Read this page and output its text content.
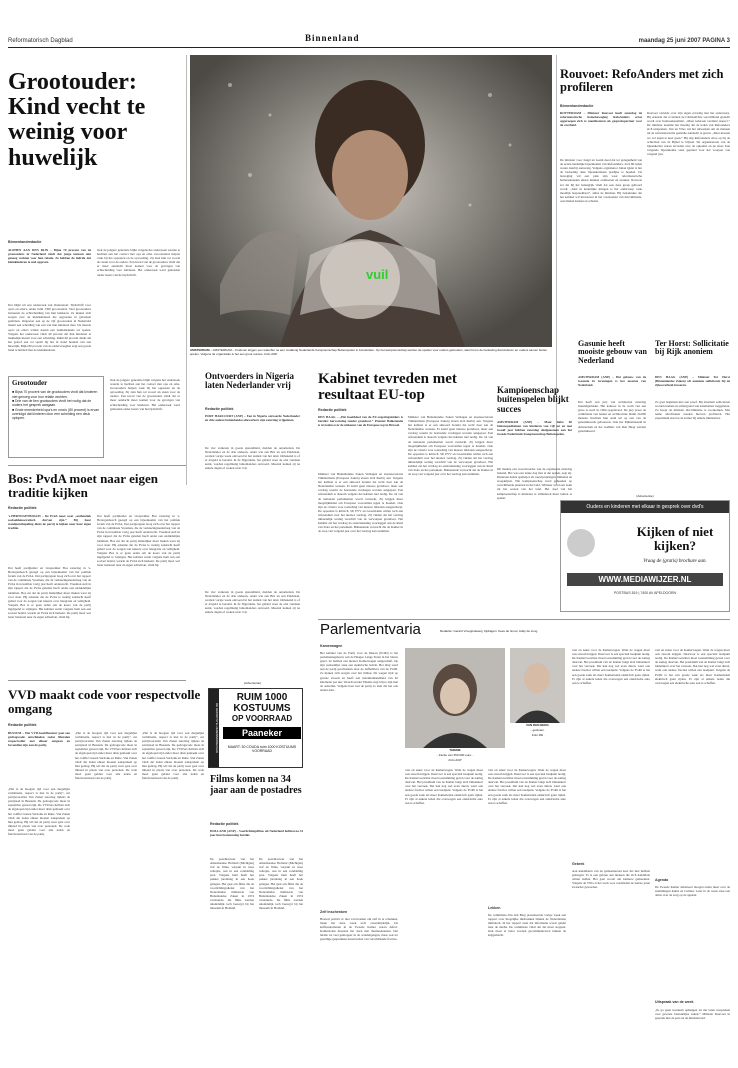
Reformatorisch Dagblad	Binnenland	maandag 25 juni 2007 PAGINA 3
Grootouder: Kind vecht te weinig voor huwelijk
Binnenlandredactie
ALPHEN AAN DEN RIJN – Bijna 70 procent van de grootouders in Nederland vindt dat jonge mensen niet genoeg vechten voor hun relatie. Ze hebben de indruk dat kleinkinderen te snel opgeven.
Dat blijkt uit een onderzoek van Ouderen.nl. Tijdschrift voor opa's en oma's, onder ruim 1300 grootouders. Veel grootouders betreuren de echtscheiding van hun kinderen. Ze maken zich zorgen over de kleinkinderen die opgroeien in gebroken gezinnen. Ongeveer een op de vijf grootouders in Nederland maakt een scheiding van een van hun kinderen mee. De meeste opa's en oma's willen daarin een bemiddelende rol spelen. Volgens het onderzoek vindt 40 procent dat hun kinderen te makkelijk kiezen voor een scheiding. Ruim 60 procent denkt dat het geloof een rol speelt bij het in stand houden van een huwelijk. Bijna 80 procent van de ondervraagden zegt een goede band te hebben met de kleinkinderen.
Ook de jongere generatie blijkt volgens het onderzoek waarde te hechten aan het contact met opa en oma. Grootouders helpen vaak bij het oppassen en de opvoeding. Zij zien hun rol vooral als steun voor de ouders. Een kwart van de grootouders vindt dat er meer aandacht moet komen voor de gevolgen van echtscheiding voor kinderen. Het onderzoek werd gehouden onder lezers van het tijdschrift.
Grootouder
■ Bijna 70 procent van de grootouders vindt dat kinderen niet genoeg voor hun relatie vechten.
■ Drie van de tien grootouders vindt het nodig dat de ouders het gesprek aangaan.
■ Grote meerderheid opa's en oma's (80 procent) is ervan overtuigd dat kinderen door een scheiding een deuk oplopen.
Ook de jongere generatie blijkt volgens het onderzoek waarde te hechten aan het contact met opa en oma. Grootouders helpen vaak bij het oppassen en de opvoeding. Zij zien hun rol vooral als steun voor de ouders. Een kwart van de grootouders vindt dat er meer aandacht moet komen voor de gevolgen van echtscheiding voor kinderen. Het onderzoek werd gehouden onder lezers van het tijdschrift.
vuil
AMSTERDAM – AMSTERDAM – Kinderen krijgen een waterbui na een modderig Nederlands Kampioenschap Buitenspelen in Amsterdam. Op het kampioenschap werden de spellen voor ouders gehouden, want het is de bedoeling dat kinderen en ouders samen buiten spelen. Volgens de organisatie is het een groot succes. Foto ANP
Ontvoerders in Nigeria laten Nederlander vrij
Redactie politiek
PORT HARCOURT (ANP) – Een in Nigeria ontvoerde Nederlander en drie andere buitenlandse oliewerkers zijn zaterdag vrijgelaten.
De vier verkeren in goede gezondheid, melden de autoriteiten. De Nederlander en de drie anderen, onder wie een Brit en een Pakistaan, werden vorige week ontvoerd in het zuiden van het land. Onbekend is of er losgeld is betaald. In de Nigerdelta, het gebied waar de olie vandaan komt, worden regelmatig buitenlanders ontvoerd. Meestal komen zij na enkele dagen of weken weer vrij.
De vier verkeren in goede gezondheid, melden de autoriteiten. De Nederlander en de drie anderen, onder wie een Brit en een Pakistaan, werden vorige week ontvoerd in het zuiden van het land. Onbekend is of er losgeld is betaald. In de Nigerdelta, het gebied waar de olie vandaan komt, worden regelmatig buitenlanders ontvoerd. Meestal komen zij na enkele dagen of weken weer vrij.
Kabinet tevreden met resultaat EU-top
Redactie politiek
DEN HAAG – „Het hoofddoel van de EU-regeringsleiders is bereikt: hervorming zonder grondwet.” Premier Balkenende is tevreden over de uitkomst van de Europese top in Brussel.
Minister van Buitenlandse Zaken Verhagen en staatssecretaris Timmermans (Europese Zaken) sloten zich hierbij aan. Volgens het kabinet is er een akkoord bereikt dat recht doet aan de Nederlandse wensen. Er komt geen nieuwe grondwet, maar een verdrag waarin de bestaande verdragen worden aangepast. Een referendum is daarom volgens het kabinet niet nodig. De rol van de nationale parlementen wordt versterkt. Zij krijgen meer mogelijkheden om Europese voorstellen tegen te houden. Ook zijn de criteria voor toetreding van nieuwe lidstaten aangescherpt. De oppositie is kritisch. SP, PVV en GroenLinks willen toch een referendum over het nieuwe verdrag. Zij vinden dat het verdrag inhoudelijk weinig verschilt van de verworpen grondwet. Het kabinet zal het verdrag na ondertekening voorleggen aan de Raad van State en het parlement. Balkenende verwacht dat de Kamer in de loop van volgend jaar over het verdrag kan stemmen.
Minister van Buitenlandse Zaken Verhagen en staatssecretaris Timmermans (Europese Zaken) sloten zich hierbij aan. Volgens het kabinet is er een akkoord bereikt dat recht doet aan de Nederlandse wensen. Er komt geen nieuwe grondwet, maar een verdrag waarin de bestaande verdragen worden aangepast. Een referendum is daarom volgens het kabinet niet nodig. De rol van de nationale parlementen wordt versterkt. Zij krijgen meer mogelijkheden om Europese voorstellen tegen te houden. Ook zijn de criteria voor toetreding van nieuwe lidstaten aangescherpt. De oppositie is kritisch. SP, PVV en GroenLinks willen toch een referendum over het nieuwe verdrag. Zij vinden dat het verdrag inhoudelijk weinig verschilt van de verworpen grondwet. Het kabinet zal het verdrag na ondertekening voorleggen aan de Raad van State en het parlement. Balkenende verwacht dat de Kamer in de loop van volgend jaar over het verdrag kan stemmen.
Kampioenschap buitenspelen blijkt succes
AMSTERDAM (ANP) – Maar liefst 60 buitenspeeltuinen van kinderen van vijf tot en met twaalf jaar hebben zaterdag deelgenomen aan het tweede Nederlands Kampioenschap Buitenspelen.
Dit maakte een woordvoerder van de organisatie zaterdag bekend. Het was een leuke dag met al die spelen, zegt zij. Kinderen deden spelletjes als touwtjespringen, hinkelen en stoepkrijten. Het kampioenschap werd gehouden op verschillende plaatsen in het land. Winnaar werd een team uit het oosten van het land. Het doel van het kampioenschap is kinderen te stimuleren meer buiten te spelen.
Rouvoet: RefoAnders met zich profileren
Binnenlandredactie
ROTTERDAM – Minister Rouvoet heeft zaterdag de reformatorische homobeweging RefoAnders ertoe opgeroepen zich te manifesteren als gesprekspartner voor de overheid.
De minister voor Jeugd en Gezin deed dat ter gelegenheid van de eerste landelijke bijeenkomst van RefoAnders. Zo'n 80 leden waren daarbij aanwezig. Volgens organisator Johan Quist is het de bedoeling deze bijeenkomsten jaarlijks te houden. De beweging wil een plek zijn waar reformatorische homoseksuelen elkaar kunnen ontmoeten en steunen. Rouvoet zei dat hij het belangrijk vindt dat ook deze groep gehoord wordt. „Juist in kerkelijke kringen is het onderwerp vaak moeilijk bespreekbaar”, aldus de minister. Hij benadrukte dat het kabinet wil investeren in het voorkomen van discriminatie, ook binnen kerken en scholen.
Rouvoet vertelde over zijn eigen ervaring met het onderwerp. Hij erkende dat er binnen de ChristenUnie verschillend gedacht wordt over homoseksualiteit. „Maar iedereen verdient respect.” De minister noemde het moedig dat de leden van RefoAnders zich uitspreken. Van de Vlies wil het uitwerken om de mensen uit de reformatorische gezindte aandacht te geven. „Daar moeten we vol tegen te keer gaan.” Hij riep RefoAnders ertoe op bij de achterban van de Bijbel te blijven. De organisatoren van de bijeenkomst waren tevreden over de opkomst en de sfeer. Een volgende bijeenkomst staat gepland voor het voorjaar van volgend jaar.
Gasunie heeft mooiste gebouw van Nederland
AMSTERDAM (ANP) – Het gebouw van de Gasunie in Groningen is het mooiste van Nederland.
Dat heeft een jury van architecten zaterdag bekendgemaakt. Het kantoor in de vorm van een grote A werd in 1994 opgeleverd. De jury prees de combinatie van natuur en architectuur. Ruim 24.000 mensen brachten hun stem uit op een van de genomineerde gebouwen. Ook het Rijksmuseum in Amsterdam en het stadhuis van Den Haag werden genomineerd.
Ter Horst: Sollicitatie bij Rijk anoniem
DEN HAAG (ANP) – Minister Ter Horst (Binnenlandse Zaken) wil anoniem solliciteren bij de rijksoverheid invoeren.
Ze gaat beginnen met een proef. Bij anoniem solliciteren worden namen en achtergrond van kandidaten weggelaten. Zo hoopt de minister discriminatie te voorkomen. Met name allochtonen zouden hiervan profiteren. Het experiment start na de zomer bij enkele ministeries.
(Advertentie)
Ouders en kinderen met elkaar in gesprek over dvd's
Kijken of niet kijken?
Vraag de (gratis) brochure aan.
WWW.MEDIAWIJZER.NL
POSTBUS 819 | 7400 AV APELDOORN
Bos: PvdA moet naar eigen traditie kijken
Redactie politiek
's-HERTOGENBOSCH – De PvdA moet weer „authentiek sociaaldemocratisch durven zijn.” Bij haar standpuntbepaling dient de partij te kijken naar haar eigen traditie.
Dat heeft partijleider en vicepremier Bos zaterdag in 's-Hertogenbosch gezegd op een bijeenkomst van het politiek forum van de PvdA. Dat partijorgaan boog zich over het rapport van de commissie Vreeman, die de verkiezingsnederlaag van de PvdA in november vorig jaar heeft onderzocht. Vreeman stelt in zijn rapport dat de PvdA geleden heeft onder een onduidelijke identiteit. Bos zei dat de partij duidelijker moet maken waar zij voor staat. Hij erkende dat de PvdA te weinig aandacht heeft gehad voor de zorgen van kiezers over integratie en veiligheid. Volgens Bos is er geen reden om de koers van de partij ingrijpend te wijzigen. Het kabinet werkt volgens hem aan een sociaal beleid, waarin de PvdA zich herkent. De partij moet wel beter luisteren naar de eigen achterban, vindt hij.
Dat heeft partijleider en vicepremier Bos zaterdag in 's-Hertogenbosch gezegd op een bijeenkomst van het politiek forum van de PvdA. Dat partijorgaan boog zich over het rapport van de commissie Vreeman, die de verkiezingsnederlaag van de PvdA in november vorig jaar heeft onderzocht. Vreeman stelt in zijn rapport dat de PvdA geleden heeft onder een onduidelijke identiteit. Bos zei dat de partij duidelijker moet maken waar zij voor staat. Hij erkende dat de PvdA te weinig aandacht heeft gehad voor de zorgen van kiezers over integratie en veiligheid. Volgens Bos is er geen reden om de koers van de partij ingrijpend te wijzigen. Het kabinet werkt volgens hem aan een sociaal beleid, waarin de PvdA zich herkent. De partij moet wel beter luisteren naar de eigen achterban, vindt hij.
(Advertentie)
DE GROOTSTE HERENMODEZAAK
RUIM 1000
KOSTUUMS
OP VOORRAAD
Paaneker
MAART: 30 COUDA ruim 1000 KOSTUUMS VOORRAAD
Parlementvaria	Redactie: Gerard Vroegindeweij, bijdragen: Kees de Groot, Addy de Jong
Kamerwagen
Het kabinet van de Partij voor de Dieren (PvdD) is het parlementsgebouw aan de Haagse Lange Poten in het blauw gezet. Ze hebben een nieuwe Kamerwagen aangeschaft. Op zijn wensenlijst staat een elektrische bolide. Het ding werd aan de partij geschonken door de liefhebbers van de PvdD. Ze maken zich zorgen over het milieu. De wagen rijdt op groene stroom en heeft een maximumsnelheid van 40 kilometer per uur. Woordvoerder Thieme zegt blij te zijn met de aanwinst. Volgens haar laat de partij zo zien dat het ook anders kan.
Zelf inschenken
Hoewel politici er niet van houden om zelf in te schenken, bleek het deze week toch onvermijdelijk. De koffieautomaten in de Tweede Kamer waren defect. Kamerleden moesten het doen met thermoskannen. Dat leidde tot veel gemopper in de wandelgangen, maar ook tot gezellige gesprekken tussen leden van verschillende fracties.
THIEME
...fractie van 250.000 euro...
Foto ANP
VAN DEN BERG
...gesloten.
Foto RD
vast en zeker voor de Kamerwagen. Want de wagen moet ook stroom krijgen. Daarvoor is een speciaal laadpunt nodig. De Kamervoorzitter moet toestemming geven voor de aanleg daarvan. Het presidium van de Kamer buigt zich binnenkort over het verzoek. Dat kan nog wel even duren, want ook andere fracties willen een laadpunt. Volgens de PvdD is het een goede zaak als meer Kamerleden elektrisch gaan rijden. Er zijn al enkele leden die overwegen een elektrische auto aan te schaffen.
vast en zeker voor de Kamerwagen. Want de wagen moet ook stroom krijgen. Daarvoor is een speciaal laadpunt nodig. De Kamervoorzitter moet toestemming geven voor de aanleg daarvan. Het presidium van de Kamer buigt zich binnenkort over het verzoek. Dat kan nog wel even duren, want ook andere fracties willen een laadpunt. Volgens de PvdD is het een goede zaak als meer Kamerleden elektrisch gaan rijden. Er zijn al enkele leden die overwegen een elektrische auto aan te schaffen.
Lekken
De commissie-Van den Berg presenteerde vorige week een rapport over mogelijke misbruiken binnen de Nederlandse militairen. In het rapport staat dat informatie wordt gelekt naar de media. De commissie vindt dat dat moet stoppen. Ook moet er beter worden gecommuniceerd binnen de krijgsmacht.
vast en zeker voor de Kamerwagen. Want de wagen moet ook stroom krijgen. Daarvoor is een speciaal laadpunt nodig. De Kamervoorzitter moet toestemming geven voor de aanleg daarvan. Het presidium van de Kamer buigt zich binnenkort over het verzoek. Dat kan nog wel even duren, want ook andere fracties willen een laadpunt. Volgens de PvdD is het een goede zaak als meer Kamerleden elektrisch gaan rijden. Er zijn al enkele leden die overwegen een elektrische auto aan te schaffen.
Gebrek
Aan kandidaten van de gemeenteraad kost het niet hebben gekregen. Er is een gebrek aan mensen die zich kandidaat willen stellen. Het gaat vooral om kleinere gemeenten. Volgens de VNG is het werk voor raadsleden de laatste jaren zwaarder geworden.
vast en zeker voor de Kamerwagen. Want de wagen moet ook stroom krijgen. Daarvoor is een speciaal laadpunt nodig. De Kamervoorzitter moet toestemming geven voor de aanleg daarvan. Het presidium van de Kamer buigt zich binnenkort over het verzoek. Dat kan nog wel even duren, want ook andere fracties willen een laadpunt. Volgens de PvdD is het een goede zaak als meer Kamerleden elektrisch gaan rijden. Er zijn al enkele leden die overwegen een elektrische auto aan te schaffen.
Agenda
De Tweede Kamer debatteert morgen onder meer over de stemmingen Kunst en Cultuur. Later in de week staat een debat over de zorg op de agenda.
Uitspraak van de week
„Ik ga geen kostuum ophangen en me laten toespreken over gewone bestuurlijke zaken.” Minister Rouvoet in gesprek met de pers na de ministerraad.
VVD maakt code voor respectvolle omgang
Redactie politiek
BUSSUM – Het VVD-hoofdbestuur gaat een gedragscode ontwikkelen zodat liberalen respectvoller met elkaar omgaan en bovendien zijn aan de partij.
„Het is de hoogste tijd voor een dergelijke verbintenis, respect is niet in de partij”, zei partijvoorzitter Van Zanen zaterdag tijdens de partijraad in Bussum. De gedragscode moet in september gereed zijn. De VVD'ers hebben zich de afgelopen tijd onder meer druk gemaakt over het conflict tussen Verdonk en Rutte. Van Zanen vindt dat leden elkaar moeten aanspreken op hun gedrag. Hij wil dat de partij weer gaat over inhoud in plaats van over personen. De code moet gaan gelden voor alle leden en functionarissen van de partij.
„Het is de hoogste tijd voor een dergelijke verbintenis, respect is niet in de partij”, zei partijvoorzitter Van Zanen zaterdag tijdens de partijraad in Bussum. De gedragscode moet in september gereed zijn. De VVD'ers hebben zich de afgelopen tijd onder meer druk gemaakt over het conflict tussen Verdonk en Rutte. Van Zanen vindt dat leden elkaar moeten aanspreken op hun gedrag. Hij wil dat de partij weer gaat over inhoud in plaats van over personen. De code moet gaan gelden voor alle leden en functionarissen van de partij.
„Het is de hoogste tijd voor een dergelijke verbintenis, respect is niet in de partij”, zei partijvoorzitter Van Zanen zaterdag tijdens de partijraad in Bussum. De gedragscode moet in september gereed zijn. De VVD'ers hebben zich de afgelopen tijd onder meer druk gemaakt over het conflict tussen Verdonk en Rutte. Van Zanen vindt dat leden elkaar moeten aanspreken op hun gedrag. Hij wil dat de partij weer gaat over inhoud in plaats van over personen. De code moet gaan gelden voor alle leden en functionarissen van de partij.	Films komen na 34 jaar aan de postadres
Redactie politiek
HOLLAND (ANP) – Voorlichtingsfilms uit Nederland hebben na 34 jaar hun bestemming bereikt.
De postdirecteur van het Amerikaanse Holland (Michigan) trof de films, verpakt in twee rolletjes, aan in een ronddeling post. Volgens hem heeft het pakket jarenlang in een hoek gelegen. Het gaat om films die de voorlichtingsdienst van het Nederlandse ministerie van Buitenlandse Zaken in 1974 verstuurde. De films werden uiteindelijk toch bezorgd bij het museum in Holland.
De postdirecteur van het Amerikaanse Holland (Michigan) trof de films, verpakt in twee rolletjes, aan in een ronddeling post. Volgens hem heeft het pakket jarenlang in een hoek gelegen. Het gaat om films die de voorlichtingsdienst van het Nederlandse ministerie van Buitenlandse Zaken in 1974 verstuurde. De films werden uiteindelijk toch bezorgd bij het museum in Holland.
